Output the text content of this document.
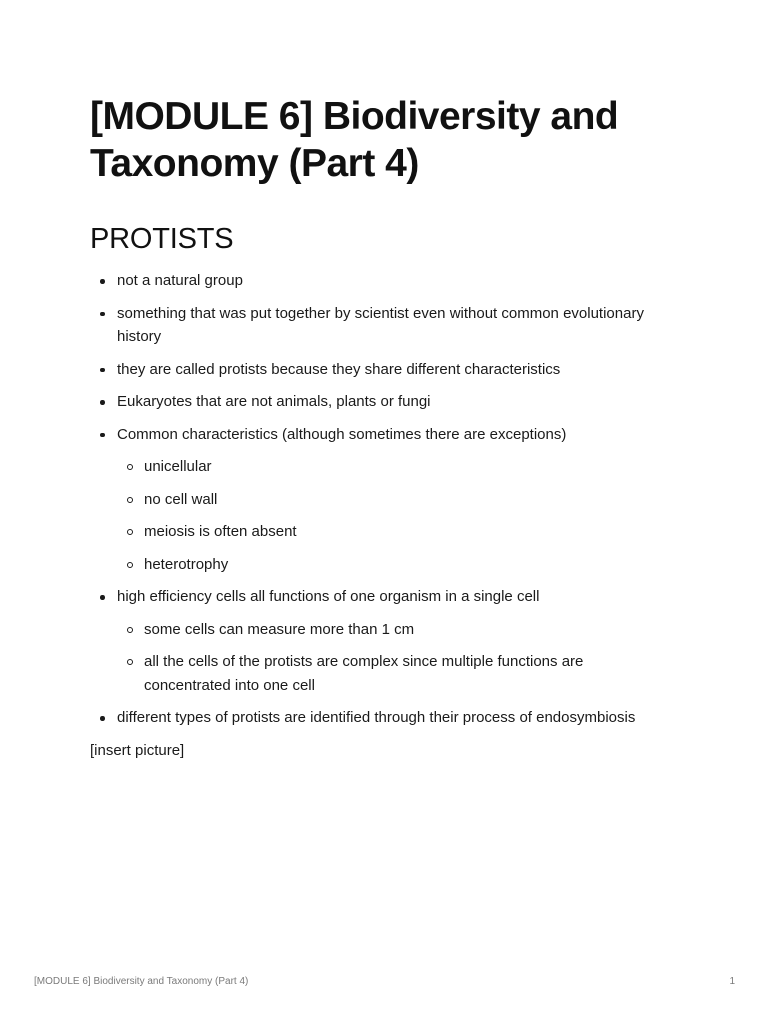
[MODULE 6] Biodiversity and Taxonomy (Part 4)
PROTISTS
not a natural group
something that was put together by scientist even without common evolutionary history
they are called protists because they share different characteristics
Eukaryotes that are not animals, plants or fungi
Common characteristics (although sometimes there are exceptions)
unicellular
no cell wall
meiosis is often absent
heterotrophy
high efficiency cells all functions of one organism in a single cell
some cells can measure more than 1 cm
all the cells of the protists are complex since multiple functions are concentrated into one cell
different types of protists are identified through their process of endosymbiosis

[insert picture]

[MODULE 6] Biodiversity and Taxonomy (Part 4)	1
